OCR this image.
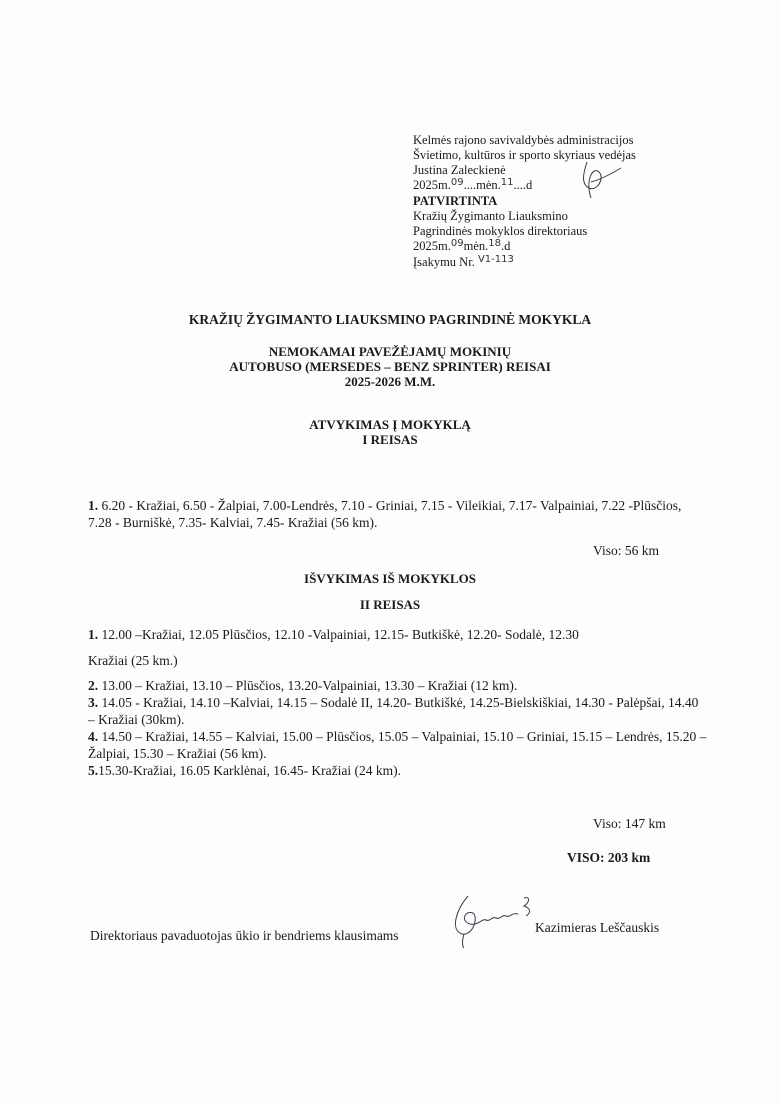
Kelmės rajono savivaldybės administracijos
Švietimo, kultūros ir sporto skyriaus vedėjas
Justina Zaleckienė
2025m.$^{09}$....mėn.$^{11}$....d
PATVIRTINTA
Kražių Žygimanto Liauksmino
Pagrindinės mokyklos direktoriaus
2025m.$^{09}$mėn.$^{18}$.d
Įsakymu Nr. $^{V1-113}$
KRAŽIŲ ŽYGIMANTO LIAUKSMINO PAGRINDINĖ MOKYKLA
NEMOKAMAI PAVEŽĖJAMŲ MOKINIŲ
AUTOBUSO (MERSEDES – BENZ SPRINTER) REISAI
2025-2026 M.M.
ATVYKIMAS Į MOKYKLĄ
I REISAS
1. 6.20 - Kražiai, 6.50 - Žalpiai, 7.00-Lendrės, 7.10 - Griniai, 7.15 - Vileikiai, 7.17- Valpainiai, 7.22 -Plūsčios, 7.28 - Burniškė, 7.35- Kalviai, 7.45- Kražiai (56 km).
Viso: 56 km
IŠVYKIMAS IŠ MOKYKLOS
II REISAS
1. 12.00 –Kražiai, 12.05 Plūsčios, 12.10 -Valpainiai, 12.15- Butkiškė, 12.20- Sodalė, 12.30
Kražiai (25 km.)
2. 13.00 – Kražiai, 13.10 – Plūsčios, 13.20-Valpainiai, 13.30 – Kražiai (12 km).
3. 14.05 - Kražiai, 14.10 –Kalviai, 14.15 – Sodalė II, 14.20- Butkiškė, 14.25-Bielskiškiai, 14.30 - Palėpšai, 14.40 – Kražiai (30km).
4. 14.50 – Kražiai, 14.55 – Kalviai, 15.00 – Plūsčios, 15.05 – Valpainiai, 15.10 – Griniai, 15.15 – Lendrės, 15.20 – Žalpiai, 15.30 – Kražiai (56 km).
5.15.30-Kražiai, 16.05 Karklėnai, 16.45- Kražiai (24 km).
Viso: 147 km
VISO: 203 km
Direktoriaus pavaduotojas ūkio ir bendriems klausimams
Kazimieras Leščauskis
